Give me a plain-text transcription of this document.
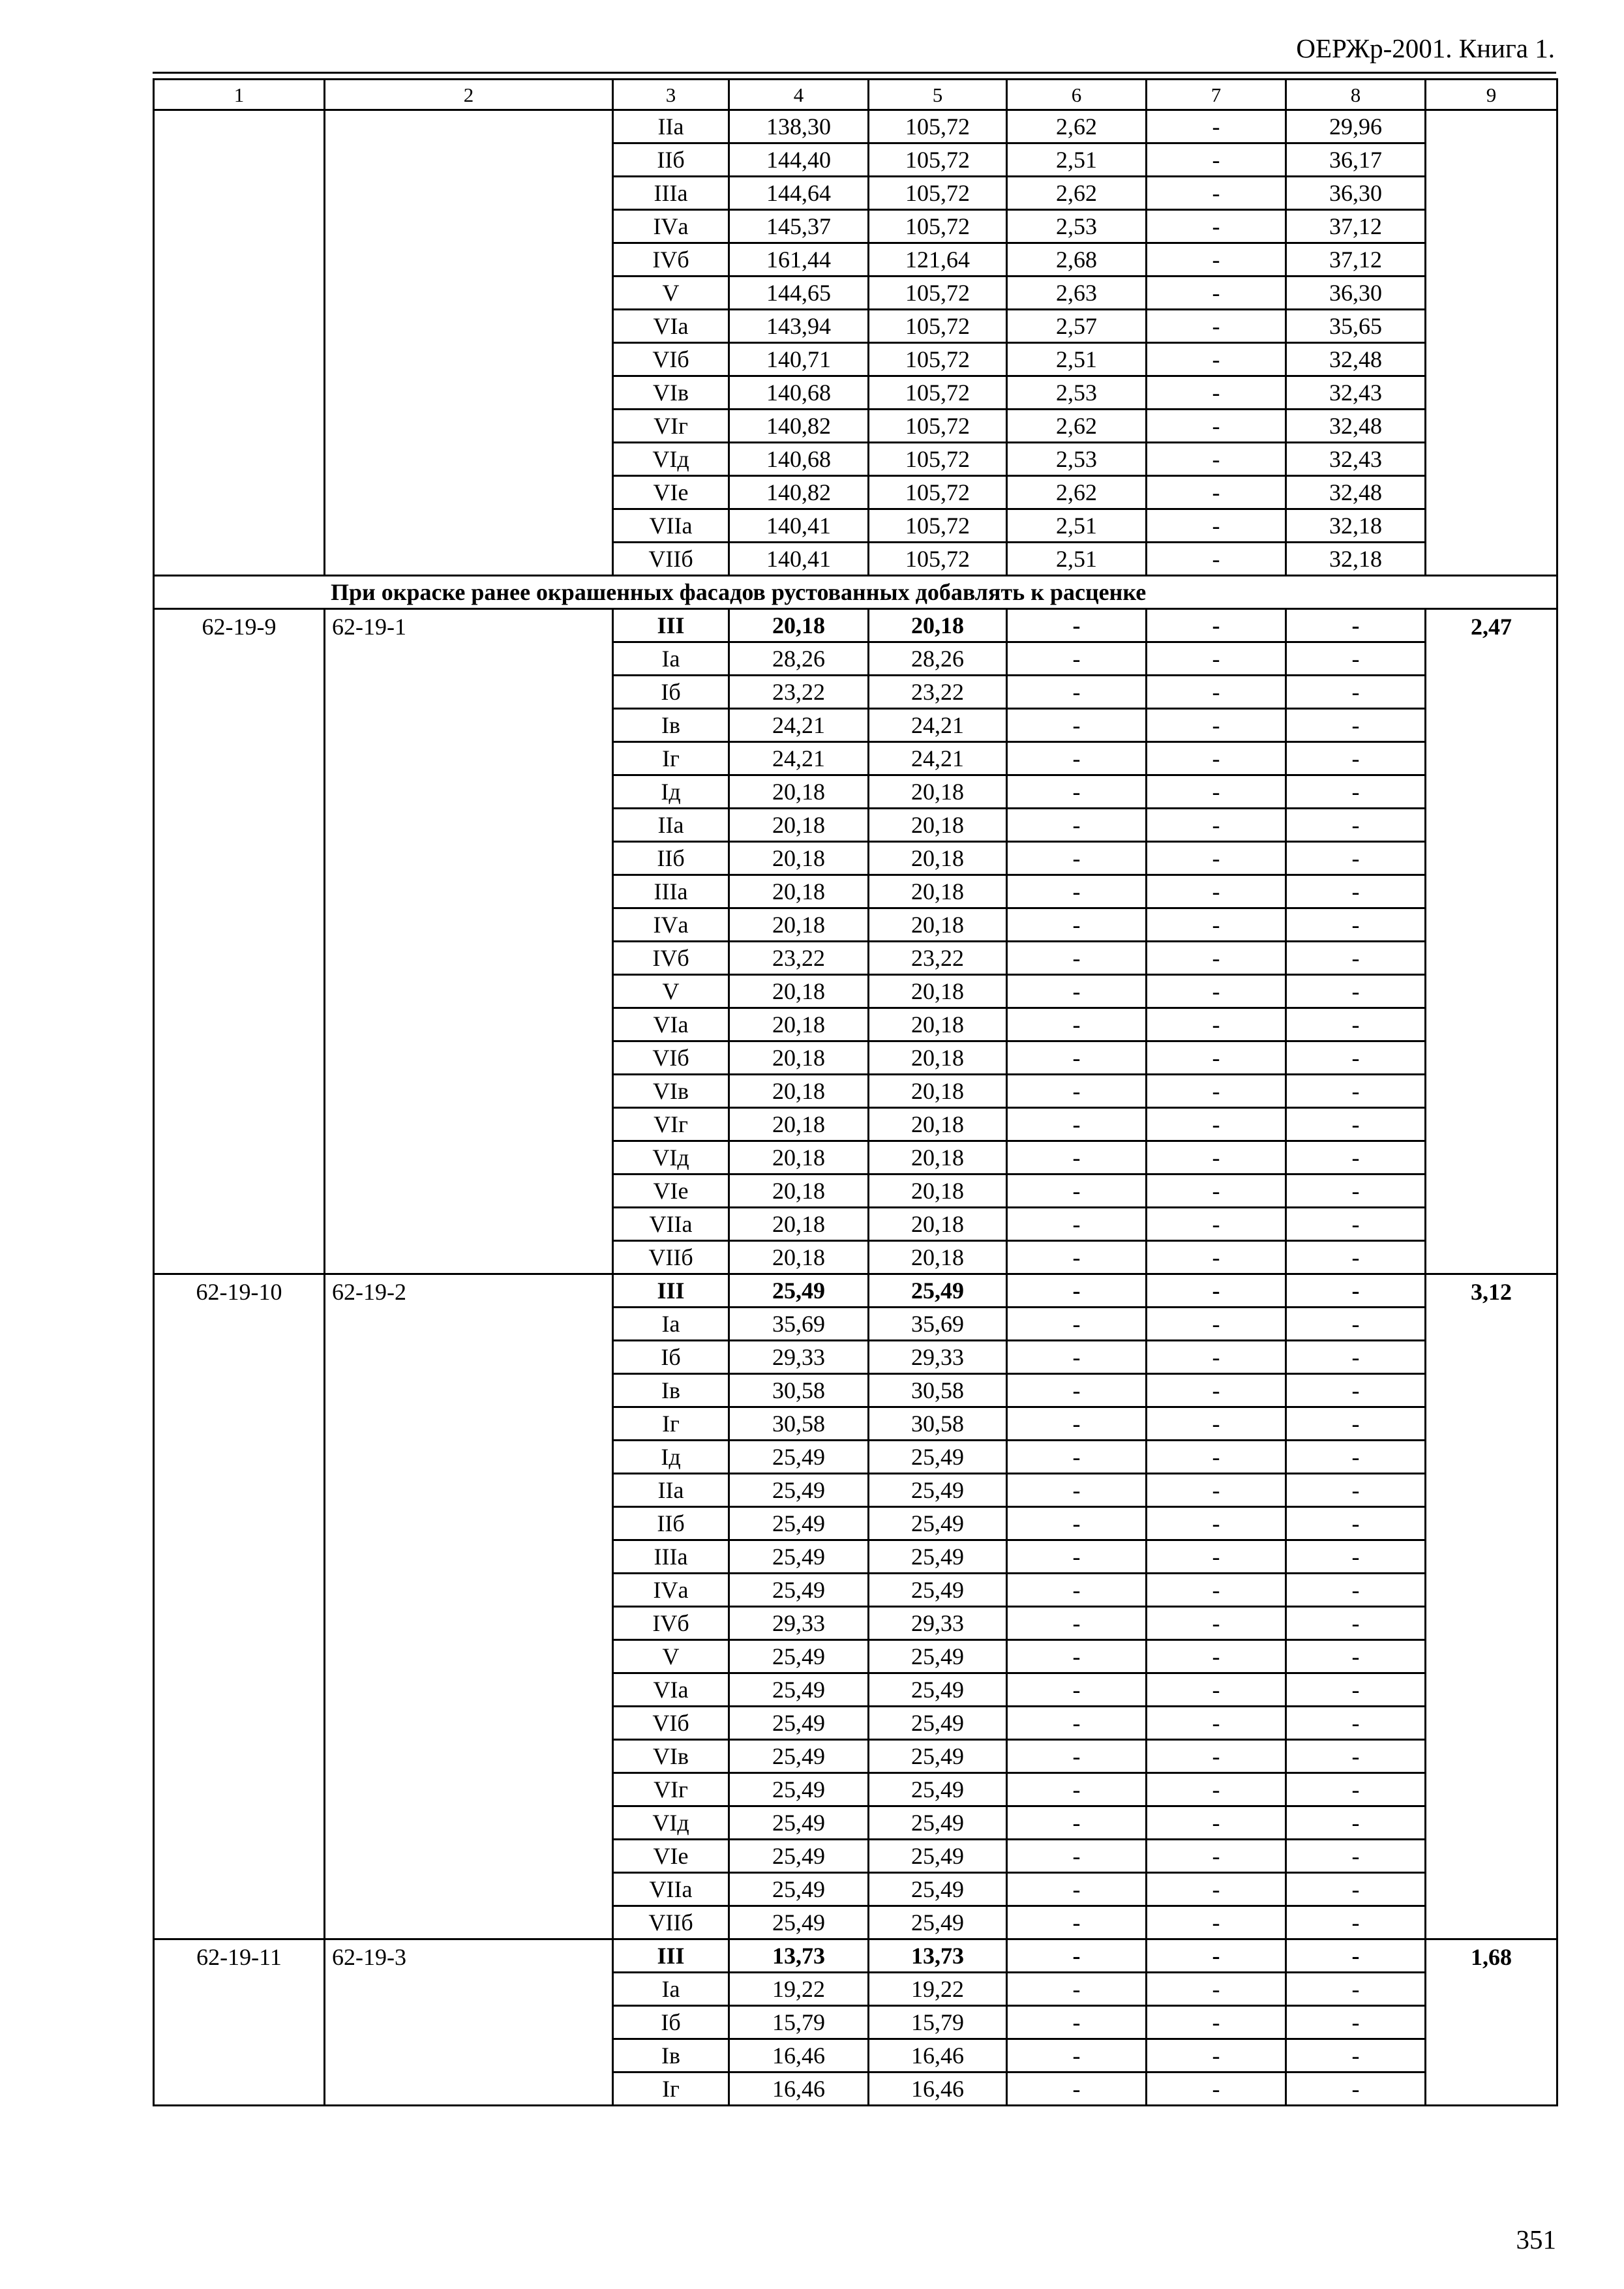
ОЕРЖр-2001. Книга 1.
1	2	3	4	5	6	7	8	9
		IIа	138,30	105,72	2,62	-	29,96	
		IIб	144,40	105,72	2,51	-	36,17	
		IIIа	144,64	105,72	2,62	-	36,30	
		IVа	145,37	105,72	2,53	-	37,12	
		IVб	161,44	121,64	2,68	-	37,12	
		V	144,65	105,72	2,63	-	36,30	
		VIа	143,94	105,72	2,57	-	35,65	
		VIб	140,71	105,72	2,51	-	32,48	
		VIв	140,68	105,72	2,53	-	32,43	
		VIг	140,82	105,72	2,62	-	32,48	
		VIд	140,68	105,72	2,53	-	32,43	
		VIе	140,82	105,72	2,62	-	32,48	
		VIIа	140,41	105,72	2,51	-	32,18	
		VIIб	140,41	105,72	2,51	-	32,18	
При окраске ранее окрашенных фасадов рустованных добавлять к расценке								
62-19-9	62-19-1	III	20,18	20,18	-	-	-	2,47
		Iа	28,26	28,26	-	-	-	
		Iб	23,22	23,22	-	-	-	
		Iв	24,21	24,21	-	-	-	
		Iг	24,21	24,21	-	-	-	
		Iд	20,18	20,18	-	-	-	
		IIа	20,18	20,18	-	-	-	
		IIб	20,18	20,18	-	-	-	
		IIIа	20,18	20,18	-	-	-	
		IVа	20,18	20,18	-	-	-	
		IVб	23,22	23,22	-	-	-	
		V	20,18	20,18	-	-	-	
		VIа	20,18	20,18	-	-	-	
		VIб	20,18	20,18	-	-	-	
		VIв	20,18	20,18	-	-	-	
		VIг	20,18	20,18	-	-	-	
		VIд	20,18	20,18	-	-	-	
		VIе	20,18	20,18	-	-	-	
		VIIа	20,18	20,18	-	-	-	
		VIIб	20,18	20,18	-	-	-	
62-19-10	62-19-2	III	25,49	25,49	-	-	-	3,12
		Iа	35,69	35,69	-	-	-	
		Iб	29,33	29,33	-	-	-	
		Iв	30,58	30,58	-	-	-	
		Iг	30,58	30,58	-	-	-	
		Iд	25,49	25,49	-	-	-	
		IIа	25,49	25,49	-	-	-	
		IIб	25,49	25,49	-	-	-	
		IIIа	25,49	25,49	-	-	-	
		IVа	25,49	25,49	-	-	-	
		IVб	29,33	29,33	-	-	-	
		V	25,49	25,49	-	-	-	
		VIа	25,49	25,49	-	-	-	
		VIб	25,49	25,49	-	-	-	
		VIв	25,49	25,49	-	-	-	
		VIг	25,49	25,49	-	-	-	
		VIд	25,49	25,49	-	-	-	
		VIе	25,49	25,49	-	-	-	
		VIIа	25,49	25,49	-	-	-	
		VIIб	25,49	25,49	-	-	-	
62-19-11	62-19-3	III	13,73	13,73	-	-	-	1,68
		Iа	19,22	19,22	-	-	-	
		Iб	15,79	15,79	-	-	-	
		Iв	16,46	16,46	-	-	-	
		Iг	16,46	16,46	-	-	-	
351
